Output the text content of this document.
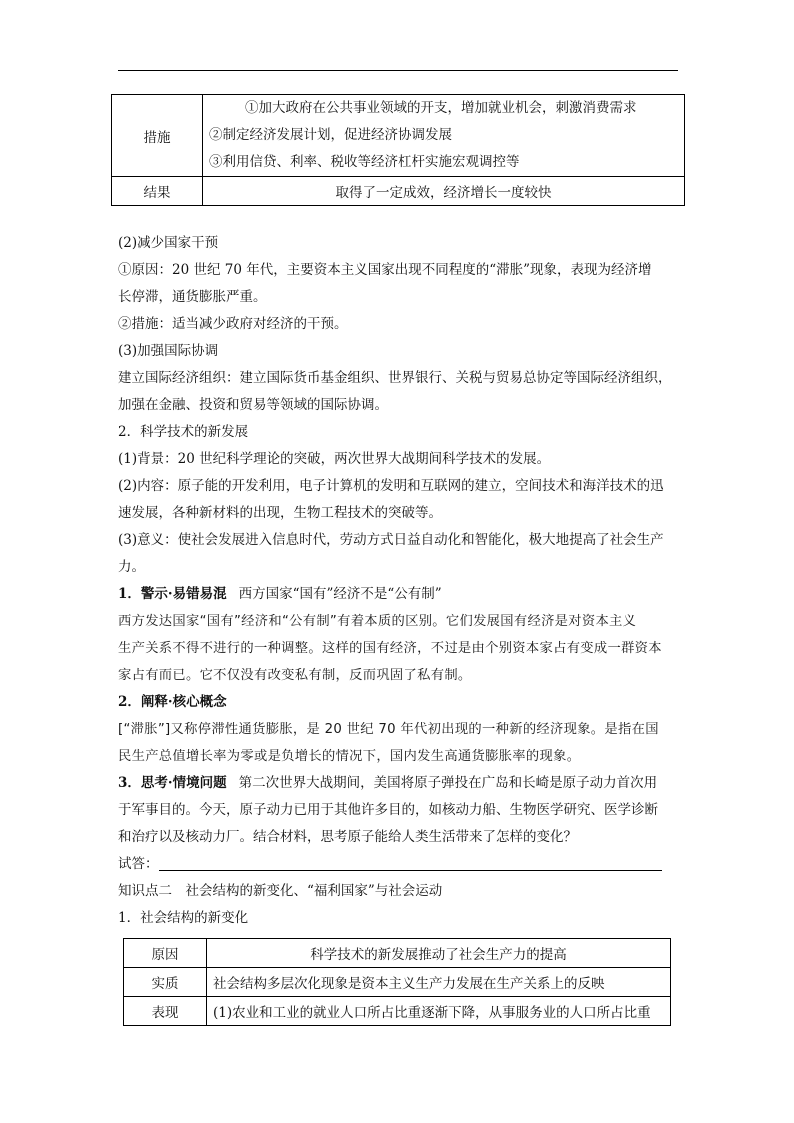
措施	①加大政府在公共事业领域的开支，增加就业机会，刺激消费需求
②制定经济发展计划，促进经济协调发展
③利用信贷、利率、税收等经济杠杆实施宏观调控等

结果	取得了一定成效，经济增长一度较快
(2)减少国家干预
①原因：20 世纪 70 年代，主要资本主义国家出现不同程度的“滞胀”现象，表现为经济增
长停滞，通货膨胀严重。
②措施：适当减少政府对经济的干预。
(3)加强国际协调
建立国际经济组织：建立国际货币基金组织、世界银行、关税与贸易总协定等国际经济组织，
加强在金融、投资和贸易等领域的国际协调。
2．科学技术的新发展
(1)背景：20 世纪科学理论的突破，两次世界大战期间科学技术的发展。
(2)内容：原子能的开发利用，电子计算机的发明和互联网的建立，空间技术和海洋技术的迅
速发展，各种新材料的出现，生物工程技术的突破等。
(3)意义：使社会发展进入信息时代，劳动方式日益自动化和智能化，极大地提高了社会生产
力。
1．警示·易错易混 西方国家“国有”经济不是“公有制”
西方发达国家“国有”经济和“公有制”有着本质的区别。它们发展国有经济是对资本主义
生产关系不得不进行的一种调整。这样的国有经济，不过是由个别资本家占有变成一群资本
家占有而已。它不仅没有改变私有制，反而巩固了私有制。
2．阐释·核心概念
[“滞胀”]又称停滞性通货膨胀，是 20 世纪 70 年代初出现的一种新的经济现象。是指在国
民生产总值增长率为零或是负增长的情况下，国内发生高通货膨胀率的现象。
3．思考·情境问题 第二次世界大战期间，美国将原子弹投在广岛和长崎是原子动力首次用
于军事目的。今天，原子动力已用于其他许多目的，如核动力船、生物医学研究、医学诊断
和治疗以及核动力厂。结合材料，思考原子能给人类生活带来了怎样的变化？
试答：
知识点二　社会结构的新变化、“福利国家”与社会运动
1．社会结构的新变化
原因	科学技术的新发展推动了社会生产力的提高
实质	社会结构多层次化现象是资本主义生产力发展在生产关系上的反映
表现	(1)农业和工业的就业人口所占比重逐渐下降，从事服务业的人口所占比重
